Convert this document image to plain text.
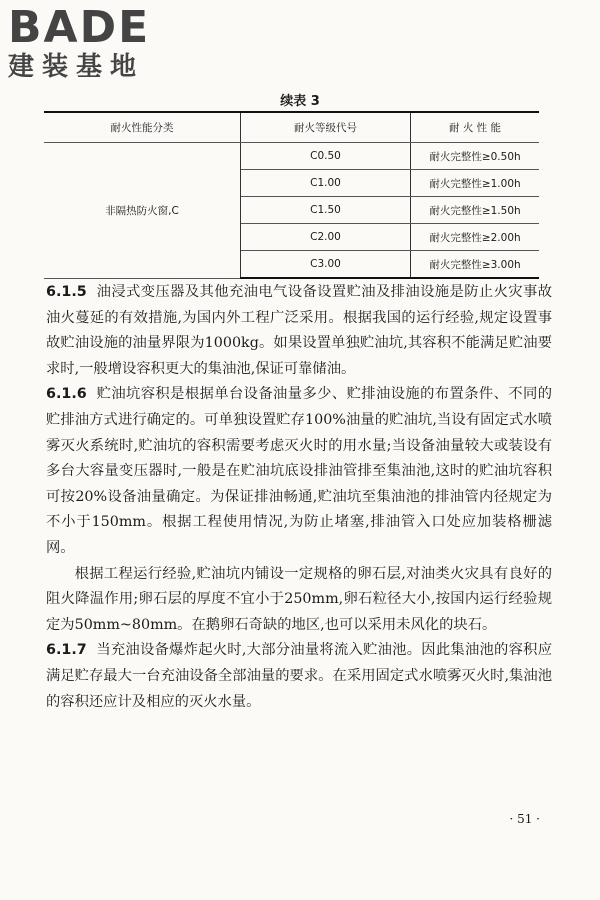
BADE
建装基地
续表 3
耐火性能分类	耐火等级代号	耐 火 性 能
非隔热防火窗,C	C0.50	耐火完整性≥0.50h
	C1.00	耐火完整性≥1.00h
	C1.50	耐火完整性≥1.50h
	C2.00	耐火完整性≥2.00h
	C3.00	耐火完整性≥3.00h

6.1.5 油浸式变压器及其他充油电气设备设置贮油及排油设施是防止火灾事故油火蔓延的有效措施,为国内外工程广泛采用。根据我国的运行经验,规定设置事故贮油设施的油量界限为1000kg。如果设置单独贮油坑,其容积不能满足贮油要求时,一般增设容积更大的集油池,保证可靠储油。

6.1.6 贮油坑容积是根据单台设备油量多少、贮排油设施的布置条件、不同的贮排油方式进行确定的。可单独设置贮存100%油量的贮油坑,当设有固定式水喷雾灭火系统时,贮油坑的容积需要考虑灭火时的用水量;当设备油量较大或装设有多台大容量变压器时,一般是在贮油坑底设排油管排至集油池,这时的贮油坑容积可按20%设备油量确定。为保证排油畅通,贮油坑至集油池的排油管内径规定为不小于150mm。根据工程使用情况,为防止堵塞,排油管入口处应加装格栅滤网。

根据工程运行经验,贮油坑内铺设一定规格的卵石层,对油类火灾具有良好的阻火降温作用;卵石层的厚度不宜小于250mm,卵石粒径大小,按国内运行经验规定为50mm~80mm。在鹅卵石奇缺的地区,也可以采用未风化的块石。

6.1.7 当充油设备爆炸起火时,大部分油量将流入贮油池。因此集油池的容积应满足贮存最大一台充油设备全部油量的要求。在采用固定式水喷雾灭火时,集油池的容积还应计及相应的灭火水量。

· 51 ·
